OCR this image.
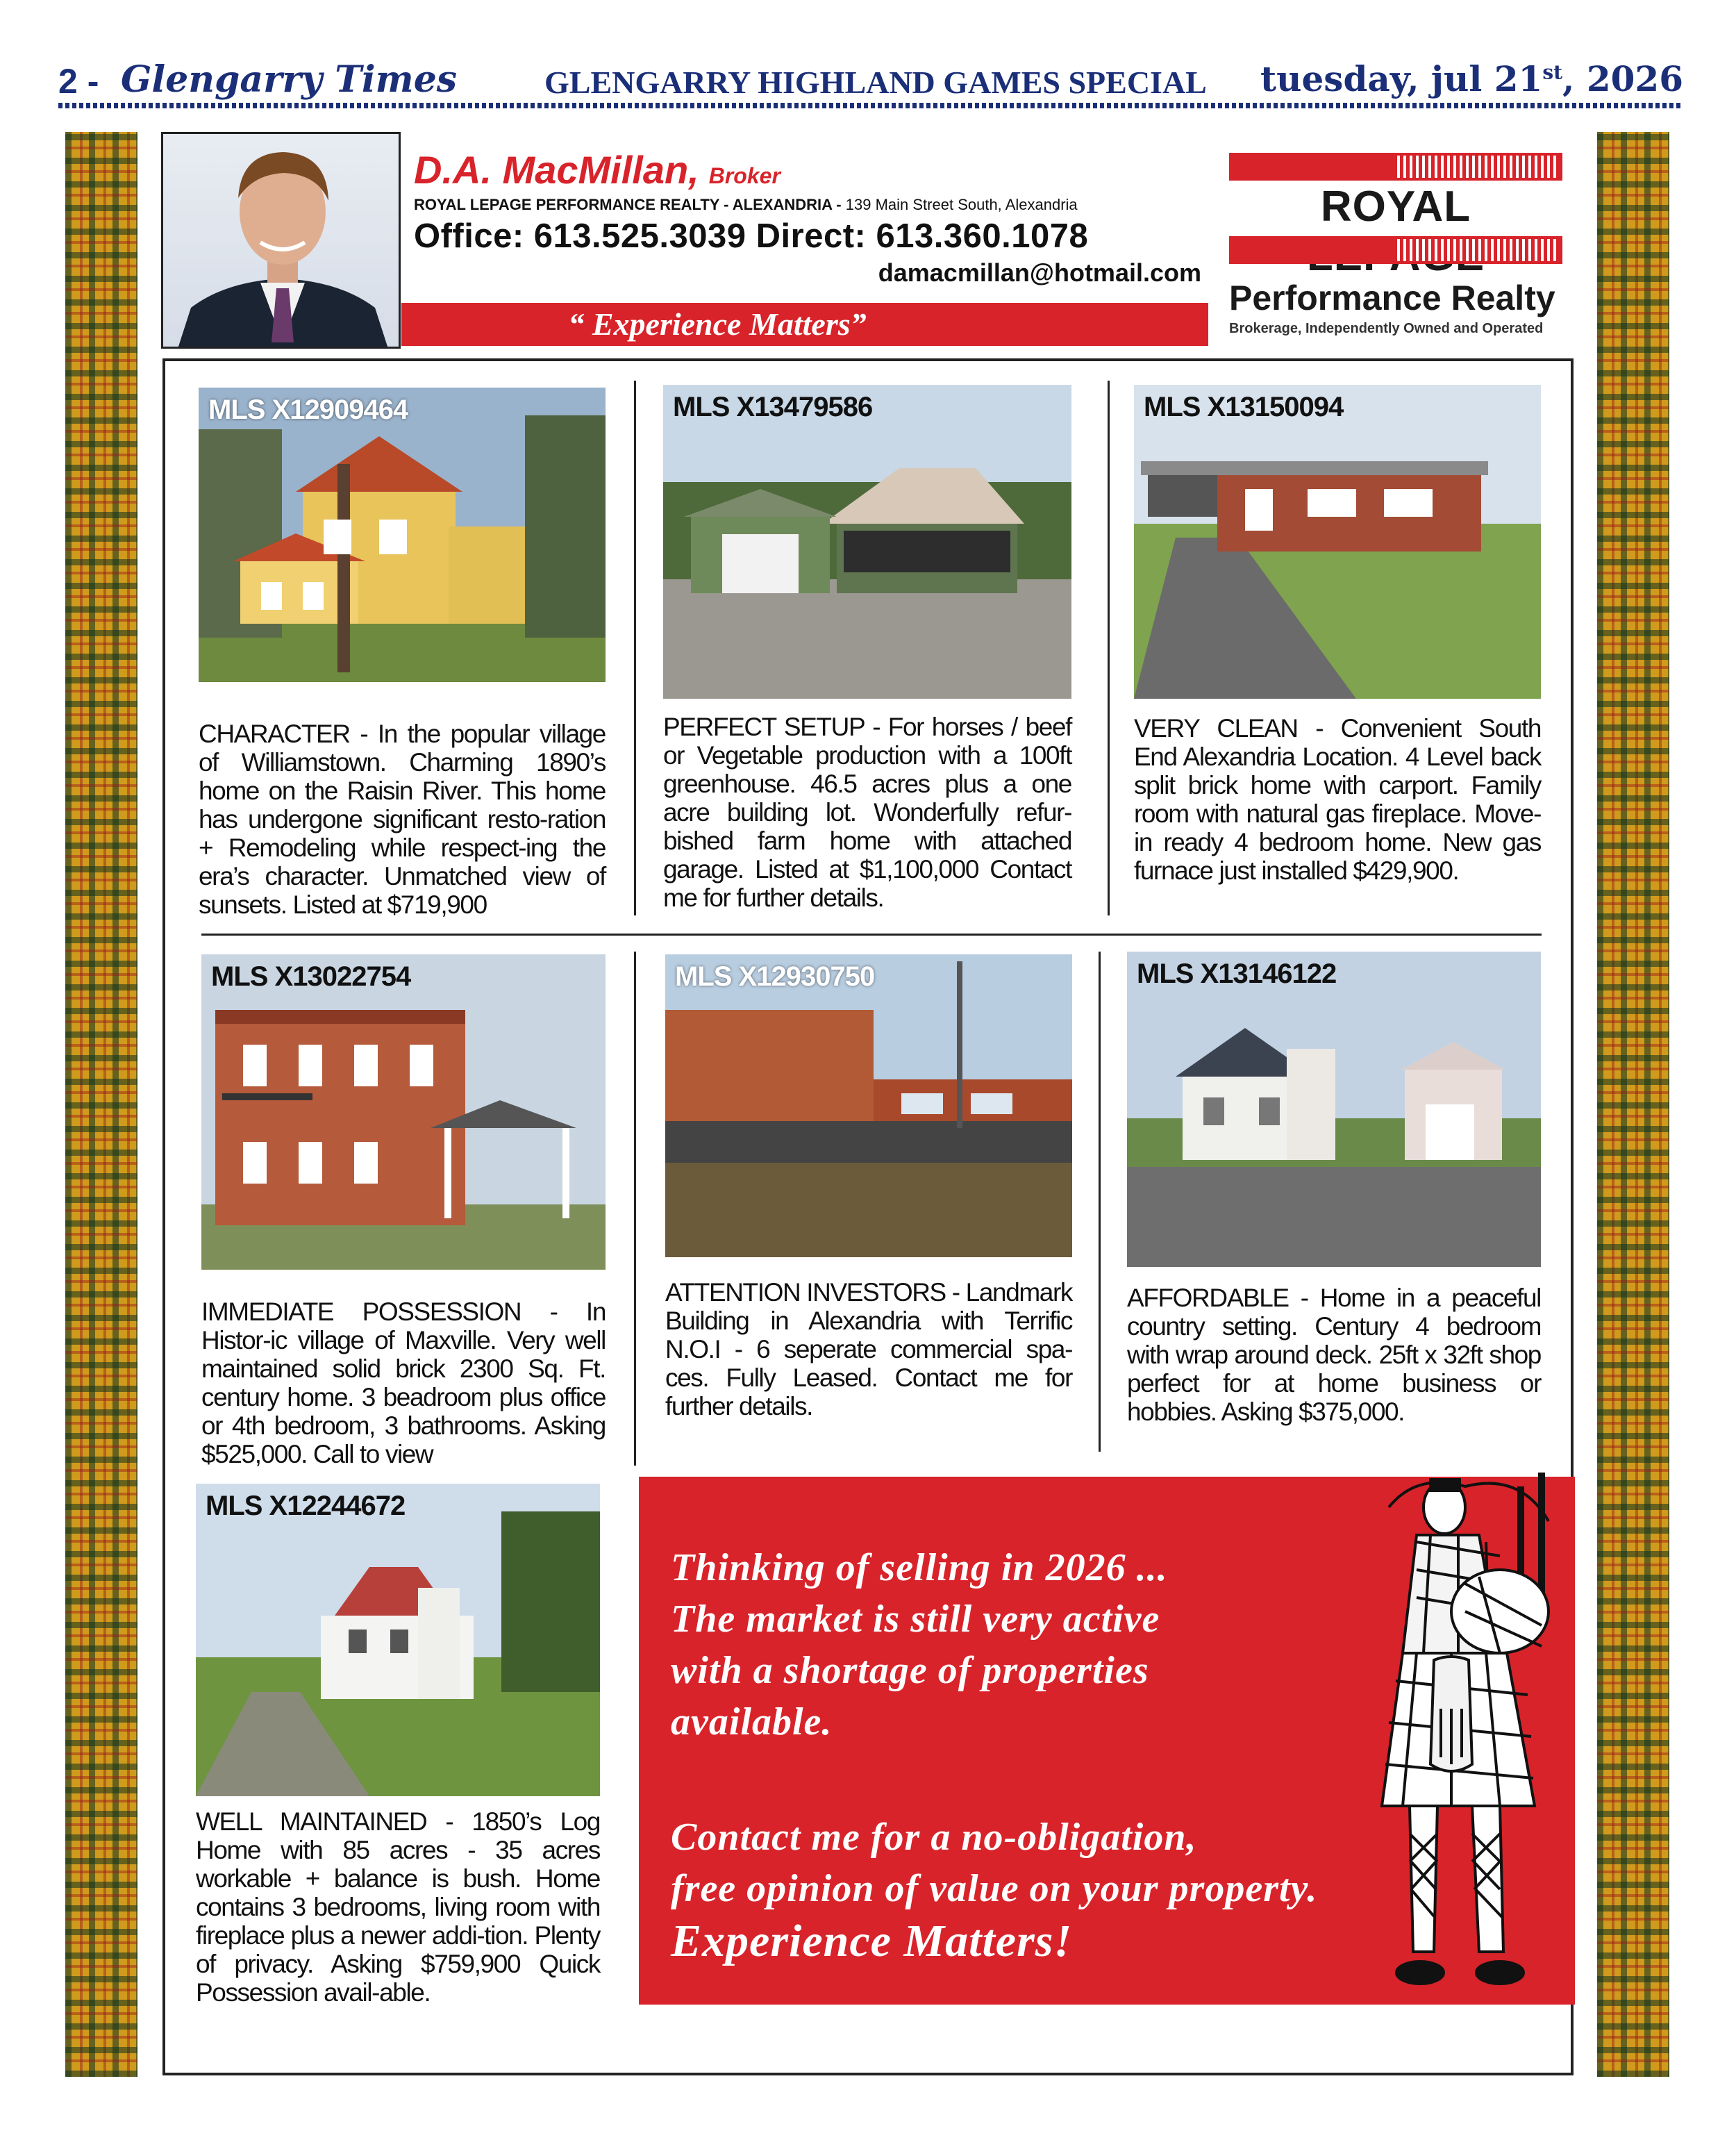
2 - Glengarry Times	GLENGARRY HIGHLAND GAMES SPECIAL tuesday, jul 21st, 2026
D.A. MacMillan, Broker
ROYAL LEPAGE PERFORMANCE REALTY - ALEXANDRIA - 139 Main Street South, Alexandria
Office: 613.525.3039 Direct: 613.360.1078
damacmillan@hotmail.com
“ Experience Matters”
ROYAL
Performance Realty
Brokerage, Independently Owned and Operated
MLS X12909464
CHARACTER - In the popular village of Williamstown. Charming 1890’s home on the Raisin River. This home has undergone significant resto-ration + Remodeling while respect-ing the era’s character. Unmatched view of sunsets. Listed at $719,900
MLS X13479586
PERFECT SETUP - For horses / beef or Vegetable production with a 100ft greenhouse. 46.5 acres plus a one acre building lot. Wonderfully refur-bished farm home with attached garage. Listed at $1,100,000 Contact me for further details.
MLS X13150094
VERY CLEAN - Convenient South End Alexandria Location. 4 Level back split brick home with carport. Family room with natural gas fireplace. Move-in ready 4 bedroom home. New gas furnace just installed $429,900.
MLS X13022754
IMMEDIATE POSSESSION - In Histor-ic village of Maxville. Very well maintained solid brick 2300 Sq. Ft. century home. 3 beadroom plus office or 4th bedroom, 3 bathrooms. Asking $525,000. Call to view
MLS X12930750
ATTENTION INVESTORS - Landmark Building in Alexandria with Terrific N.O.I - 6 seperate commercial spa-ces. Fully Leased. Contact me for further details.
MLS X13146122
AFFORDABLE - Home in a peaceful country setting. Century 4 bedroom with wrap around deck. 25ft x 32ft shop perfect for at home business or hobbies. Asking $375,000.
MLS X12244672
WELL MAINTAINED - 1850’s Log Home with 85 acres - 35 acres workable + balance is bush. Home contains 3 bedrooms, living room with fireplace plus a newer addi-tion. Plenty of privacy. Asking $759,900 Quick Possession avail-able.
Thinking of selling in 2026 ...
The market is still very active
with a shortage of properties
available.
Contact me for a no-obligation,
free opinion of value on your property.
Experience Matters!
